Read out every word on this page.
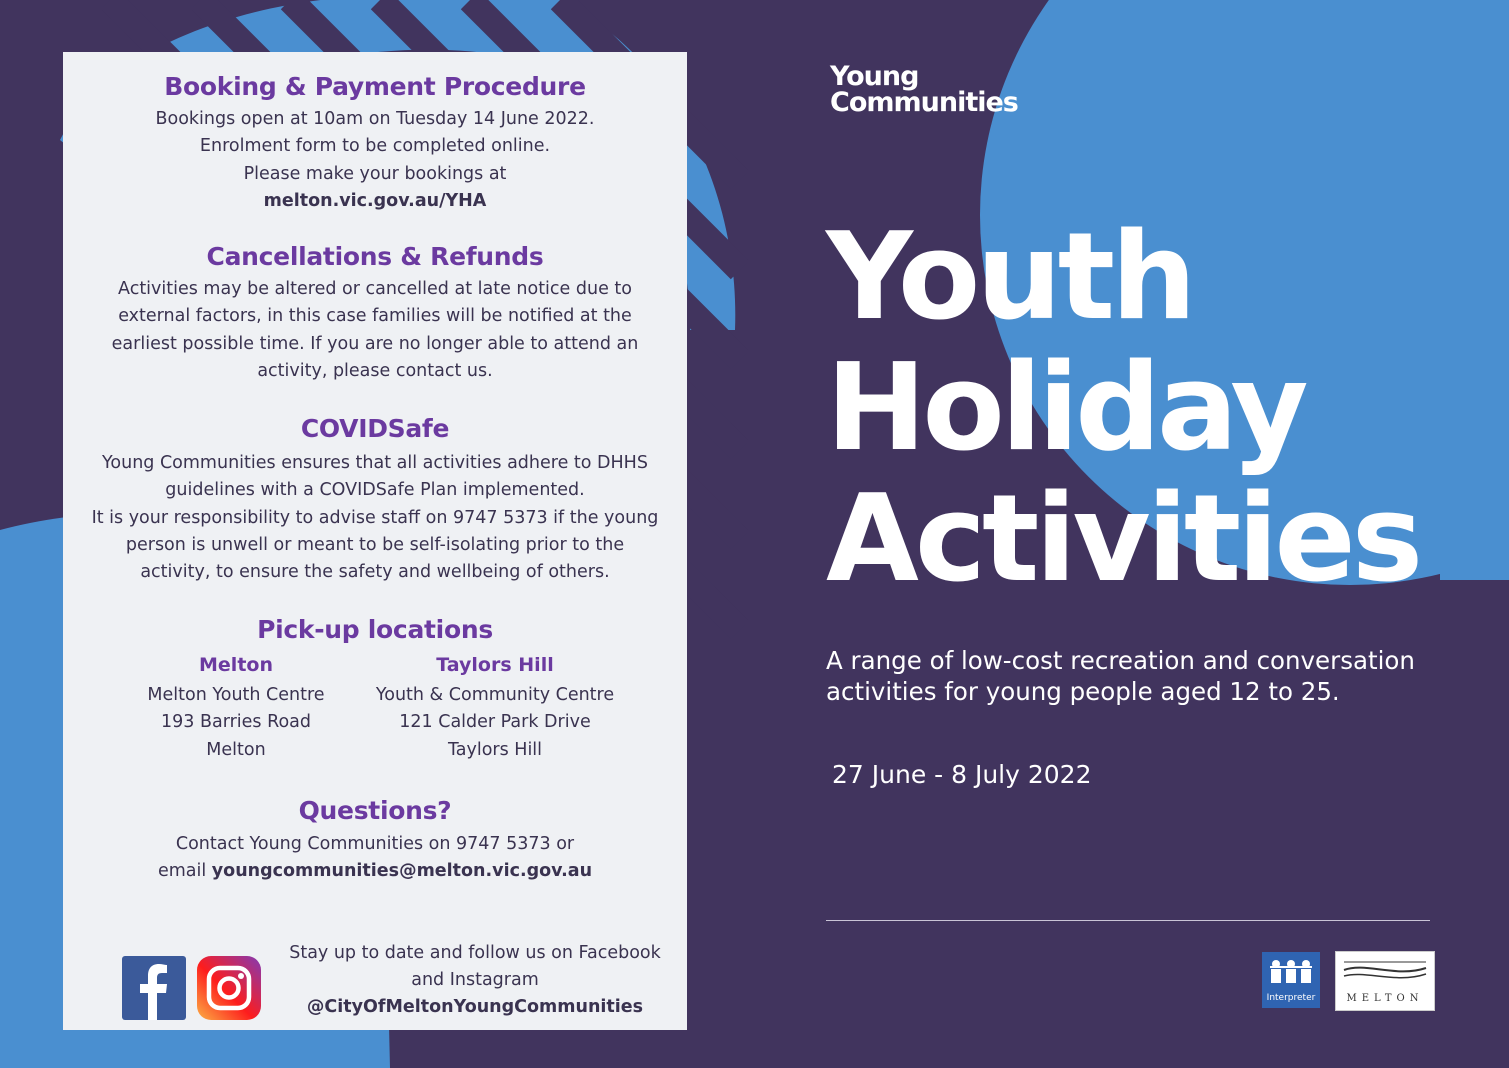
Booking & Payment Procedure
Bookings open at 10am on Tuesday 14 June 2022.
Enrolment form to be completed online.
Please make your bookings at
melton.vic.gov.au/YHA
Cancellations & Refunds
Activities may be altered or cancelled at late notice due to
external factors, in this case families will be notified at the
earliest possible time. If you are no longer able to attend an
activity, please contact us.
COVIDSafe
Young Communities ensures that all activities adhere to DHHS
guidelines with a COVIDSafe Plan implemented.
It is your responsibility to advise staff on 9747 5373 if the young
person is unwell or meant to be self-isolating prior to the
activity, to ensure the safety and wellbeing of others.
Pick-up locations
Melton
Melton Youth Centre
193 Barries Road
Melton
Taylors Hill
Youth & Community Centre
121 Calder Park Drive
Taylors Hill
Questions?
Contact Young Communities on 9747 5373 or
email youngcommunities@melton.vic.gov.au
Stay up to date and follow us on Facebook
and Instagram
@CityOfMeltonYoungCommunities
Young
Communities
Youth
Holiday
Activities
A range of low-cost recreation and conversation
activities for young people aged 12 to 25.
27 June - 8 July 2022
Interpreter	MELTON
